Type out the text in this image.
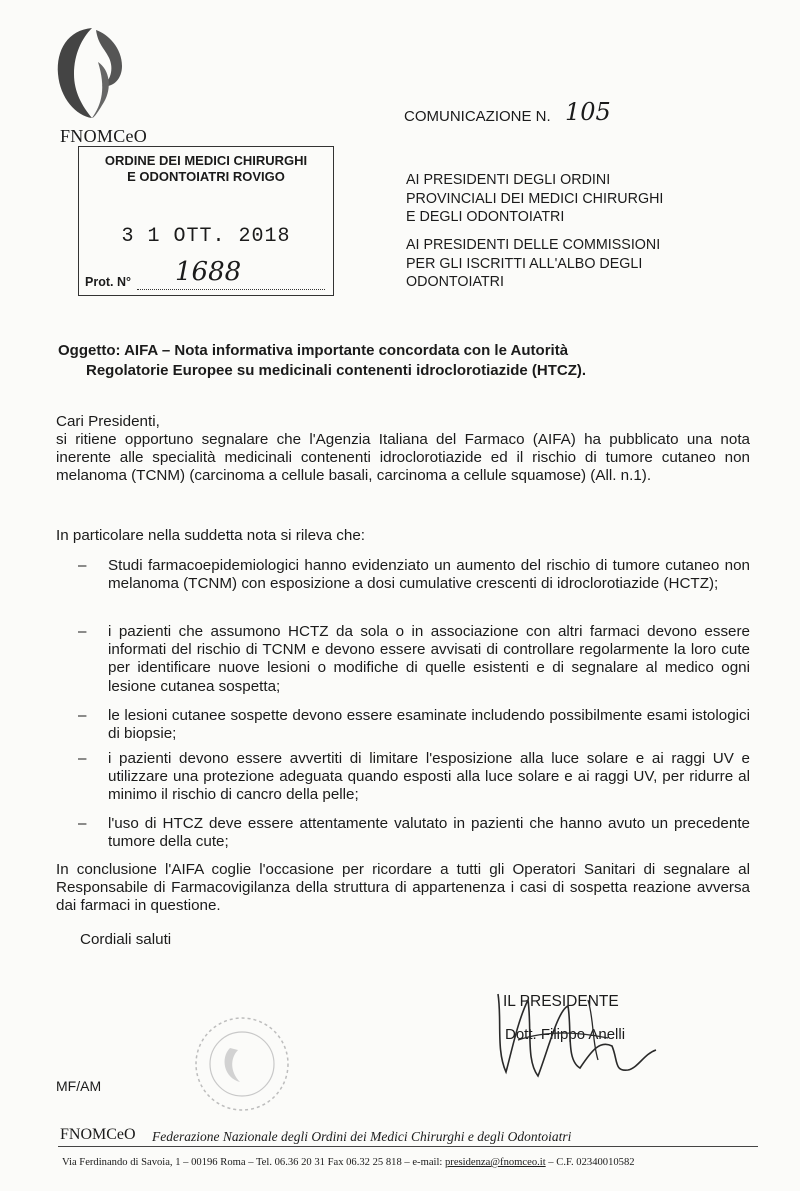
FNOMCeO
COMUNICAZIONE N. 105
ORDINE DEI MEDICI CHIRURGHI
E ODONTOIATRI ROVIGO
3 1 OTT. 2018
Prot. N° 1688
AI PRESIDENTI DEGLI ORDINI
PROVINCIALI DEI MEDICI CHIRURGHI
E DEGLI ODONTOIATRI
AI PRESIDENTI DELLE COMMISSIONI
PER GLI ISCRITTI ALL'ALBO DEGLI
ODONTOIATRI
Oggetto: AIFA – Nota informativa importante concordata con le Autorità
Regolatorie Europee su medicinali contenenti idroclorotiazide (HTCZ).
Cari Presidenti,
si ritiene opportuno segnalare che l'Agenzia Italiana del Farmaco (AIFA) ha pubblicato una nota inerente alle specialità medicinali contenenti idroclorotiazide ed il rischio di tumore cutaneo non melanoma (TCNM) (carcinoma a cellule basali, carcinoma a cellule squamose) (All. n.1).
In particolare nella suddetta nota si rileva che:
– Studi farmacoepidemiologici hanno evidenziato un aumento del rischio di tumore cutaneo non melanoma (TCNM) con esposizione a dosi cumulative crescenti di idroclorotiazide (HCTZ);
– i pazienti che assumono HCTZ da sola o in associazione con altri farmaci devono essere informati del rischio di TCNM e devono essere avvisati di controllare regolarmente la loro cute per identificare nuove lesioni o modifiche di quelle esistenti e di segnalare al medico ogni lesione cutanea sospetta;
– le lesioni cutanee sospette devono essere esaminate includendo possibilmente esami istologici di biopsie;
– i pazienti devono essere avvertiti di limitare l'esposizione alla luce solare e ai raggi UV e utilizzare una protezione adeguata quando esposti alla luce solare e ai raggi UV, per ridurre al minimo il rischio di cancro della pelle;
– l'uso di HTCZ deve essere attentamente valutato in pazienti che hanno avuto un precedente tumore della cute;
In conclusione l'AIFA coglie l'occasione per ricordare a tutti gli Operatori Sanitari di segnalare al Responsabile di Farmacovigilanza della struttura di appartenenza i casi di sospetta reazione avversa dai farmaci in questione.
Cordiali saluti
IL PRESIDENTE
Dott. Filippo Anelli
MF/AM
FNOMCeO Federazione Nazionale degli Ordini dei Medici Chirurghi e degli Odontoiatri
Via Ferdinando di Savoia, 1 – 00196 Roma – Tel. 06.36 20 31 Fax 06.32 25 818 – e-mail: presidenza@fnomceo.it – C.F. 02340010582
